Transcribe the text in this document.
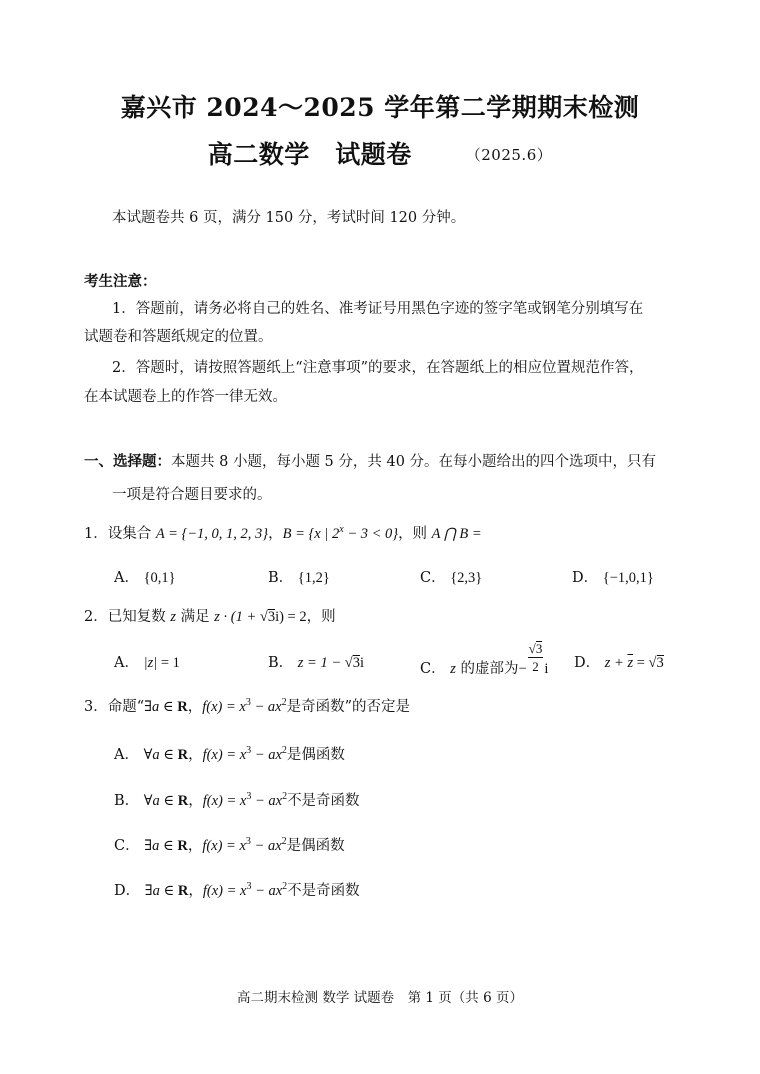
嘉兴市 2024～2025 学年第二学期期末检测
高二数学　试题卷	（2025.6）
本试题卷共 6 页，满分 150 分，考试时间 120 分钟。
考生注意：
1．答题前，请务必将自己的姓名、准考证号用黑色字迹的签字笔或钢笔分别填写在
试题卷和答题纸规定的位置。
2．答题时，请按照答题纸上“注意事项”的要求，在答题纸上的相应位置规范作答，
在本试题卷上的作答一律无效。
一、选择题：本题共 8 小题，每小题 5 分，共 40 分。在每小题给出的四个选项中，只有
一项是符合题目要求的。
1．设集合 A = {−1, 0, 1, 2, 3}，B = {x | $2^x - 3 < 0$}，则 A ⋂ B =
A． {0,1}	B． {1,2}	C． {2,3}	D． {−1,0,1}
2．已知复数 z 满足 z · (1 + √3i) = 2，则
A． |z| = 1	B． z = 1 − √3i	C． z 的虚部为− $\frac{√3}{2}$ i D． $z + \overline{z} = √3$
3．命题“∃a ∈ R，$f(x) = x^3 - ax^2$是奇函数”的否定是
A． ∀a ∈ R，$f(x) = x^3 - ax^2$是偶函数
B． ∀a ∈ R，$f(x) = x^3 - ax^2$不是奇函数
C． ∃a ∈ R，$f(x) = x^3 - ax^2$是偶函数
D． ∃a ∈ R，$f(x) = x^3 - ax^2$不是奇函数
高二期末检测 数学 试题卷　第 1 页（共 6 页）
